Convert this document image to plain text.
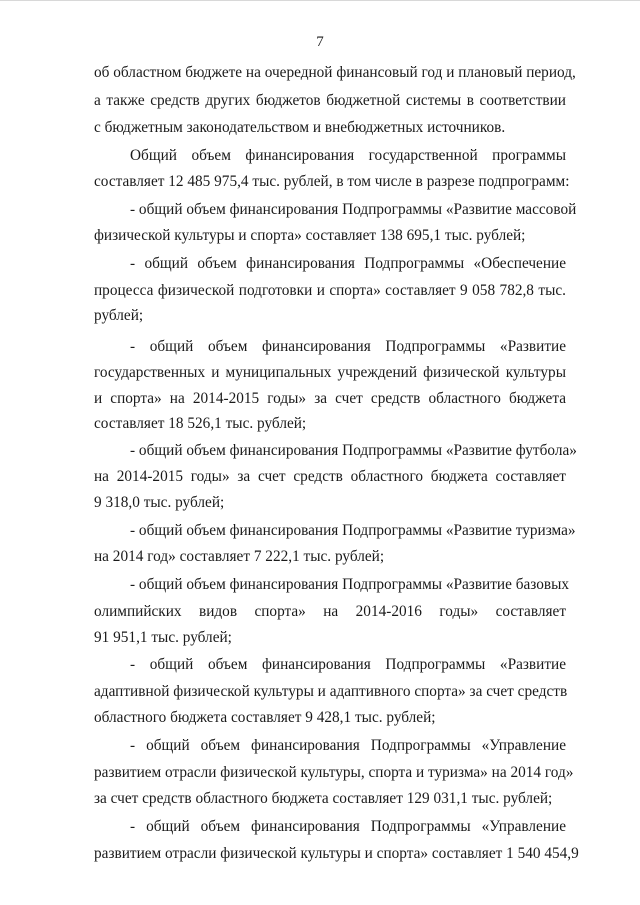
7
об областном бюджете на очередной финансовый год и плановый период,
а также средств других бюджетов бюджетной системы в соответствии
с бюджетным законодательством и внебюджетных источников.
Общий объем финансирования государственной программы
составляет 12 485 975,4 тыс. рублей, в том числе в разрезе подпрограмм:
- общий объем финансирования Подпрограммы «Развитие массовой
физической культуры и спорта» составляет 138 695,1 тыс. рублей;
- общий объем финансирования Подпрограммы «Обеспечение
процесса физической подготовки и спорта» составляет 9 058 782,8 тыс.
рублей;
- общий объем финансирования Подпрограммы «Развитие
государственных и муниципальных учреждений физической культуры
и спорта» на 2014-2015 годы» за счет средств областного бюджета
составляет 18 526,1 тыс. рублей;
- общий объем финансирования Подпрограммы «Развитие футбола»
на 2014-2015 годы» за счет средств областного бюджета составляет
9 318,0 тыс. рублей;
- общий объем финансирования Подпрограммы «Развитие туризма»
на 2014 год» составляет 7 222,1 тыс. рублей;
- общий объем финансирования Подпрограммы «Развитие базовых
олимпийских видов спорта» на 2014-2016 годы» составляет
91 951,1 тыс. рублей;
- общий объем финансирования Подпрограммы «Развитие
адаптивной физической культуры и адаптивного спорта» за счет средств
областного бюджета составляет 9 428,1 тыс. рублей;
- общий объем финансирования Подпрограммы «Управление
развитием отрасли физической культуры, спорта и туризма» на 2014 год»
за счет средств областного бюджета составляет 129 031,1 тыс. рублей;
- общий объем финансирования Подпрограммы «Управление
развитием отрасли физической культуры и спорта» составляет 1 540 454,9
